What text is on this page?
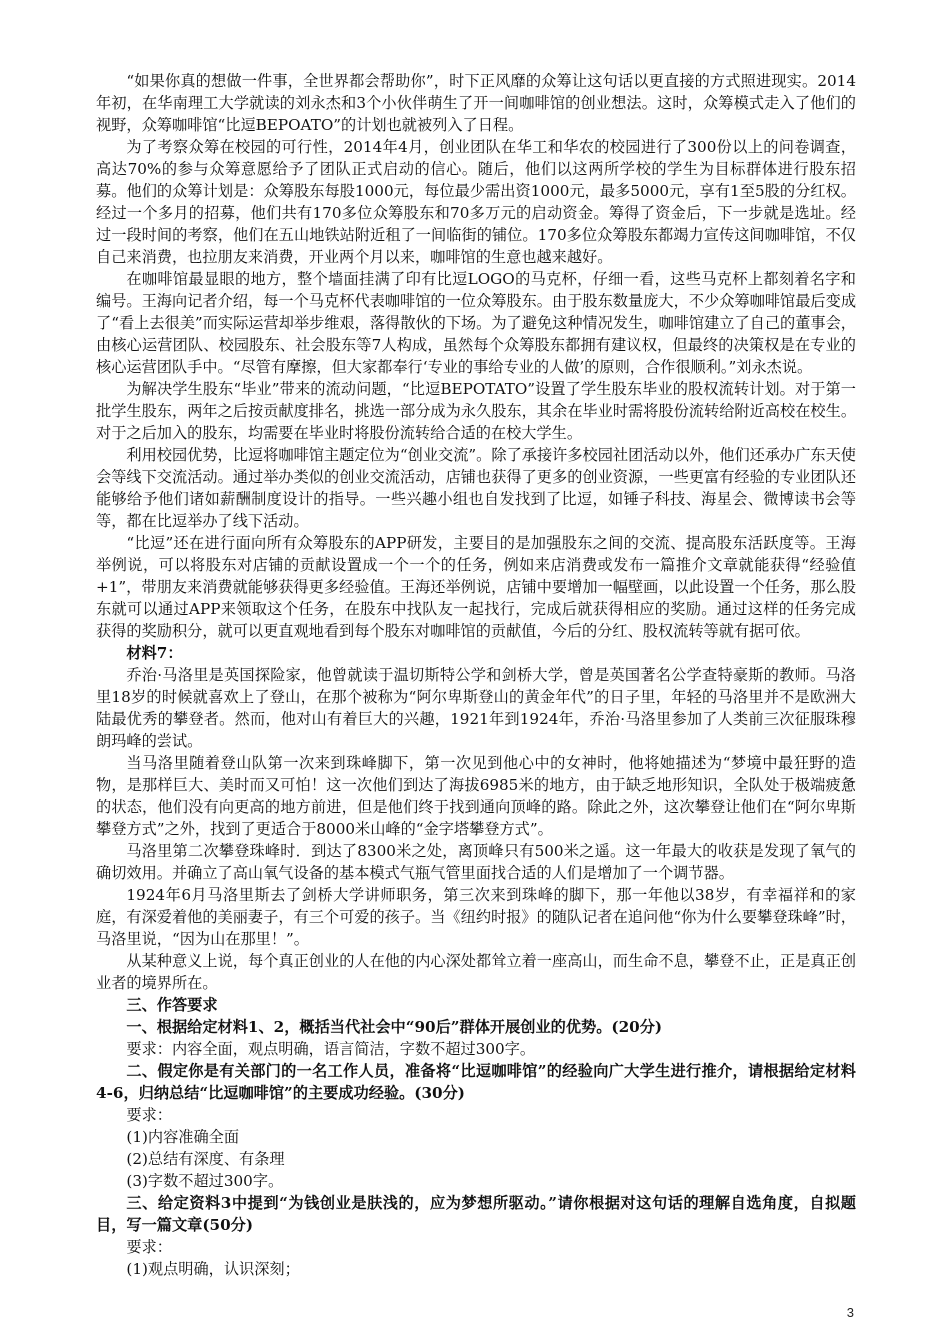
“如果你真的想做一件事，全世界都会帮助你”，时下正风靡的众筹让这句话以更直接的方式照进现实。2014年初，在华南理工大学就读的刘永杰和3个小伙伴萌生了开一间咖啡馆的创业想法。这时，众筹模式走入了他们的视野，众筹咖啡馆“比逗BEPOATO”的计划也就被列入了日程。

为了考察众筹在校园的可行性，2014年4月，创业团队在华工和华农的校园进行了300份以上的问卷调查，高达70%的参与众筹意愿给予了团队正式启动的信心。随后，他们以这两所学校的学生为目标群体进行股东招募。他们的众筹计划是：众筹股东每股1000元，每位最少需出资1000元，最多5000元，享有1至5股的分红权。经过一个多月的招募，他们共有170多位众筹股东和70多万元的启动资金。筹得了资金后，下一步就是选址。经过一段时间的考察，他们在五山地铁站附近租了一间临街的铺位。170多位众筹股东都竭力宣传这间咖啡馆，不仅自己来消费，也拉朋友来消费，开业两个月以来，咖啡馆的生意也越来越好。

在咖啡馆最显眼的地方，整个墙面挂满了印有比逗LOGO的马克杯，仔细一看，这些马克杯上都刻着名字和编号。王海向记者介绍，每一个马克杯代表咖啡馆的一位众筹股东。由于股东数量庞大，不少众筹咖啡馆最后变成了“看上去很美”而实际运营却举步维艰，落得散伙的下场。为了避免这种情况发生，咖啡馆建立了自己的董事会，由核心运营团队、校园股东、社会股东等7人构成，虽然每个众筹股东都拥有建议权，但最终的决策权是在专业的核心运营团队手中。“尽管有摩擦，但大家都奉行‘专业的事给专业的人做’的原则，合作很顺利。”刘永杰说。

为解决学生股东“毕业”带来的流动问题，“比逗BEPOTATO”设置了学生股东毕业的股权流转计划。对于第一批学生股东，两年之后按贡献度排名，挑选一部分成为永久股东，其余在毕业时需将股份流转给附近高校在校生。对于之后加入的股东，均需要在毕业时将股份流转给合适的在校大学生。

利用校园优势，比逗将咖啡馆主题定位为“创业交流”。除了承接许多校园社团活动以外，他们还承办广东天使会等线下交流活动。通过举办类似的创业交流活动，店铺也获得了更多的创业资源，一些更富有经验的专业团队还能够给予他们诸如薪酬制度设计的指导。一些兴趣小组也自发找到了比逗，如锤子科技、海星会、微博读书会等等，都在比逗举办了线下活动。

“比逗”还在进行面向所有众筹股东的APP研发，主要目的是加强股东之间的交流、提高股东活跃度等。王海举例说，可以将股东对店铺的贡献设置成一个一个的任务，例如来店消费或发布一篇推介文章就能获得“经验值+1”，带朋友来消费就能够获得更多经验值。王海还举例说，店铺中要增加一幅壁画，以此设置一个任务，那么股东就可以通过APP来领取这个任务，在股东中找队友一起找行，完成后就获得相应的奖励。通过这样的任务完成获得的奖励积分，就可以更直观地看到每个股东对咖啡馆的贡献值，今后的分红、股权流转等就有据可依。

材料7：

乔治·马洛里是英国探险家，他曾就读于温切斯特公学和剑桥大学，曾是英国著名公学查特豪斯的教师。马洛里18岁的时候就喜欢上了登山，在那个被称为“阿尔卑斯登山的黄金年代”的日子里，年轻的马洛里并不是欧洲大陆最优秀的攀登者。然而，他对山有着巨大的兴趣，1921年到1924年，乔治·马洛里参加了人类前三次征服珠穆朗玛峰的尝试。

当马洛里随着登山队第一次来到珠峰脚下，第一次见到他心中的女神时，他将她描述为“梦境中最狂野的造物，是那样巨大、美时而又可怕！这一次他们到达了海拔6985米的地方，由于缺乏地形知识，全队处于极端疲惫的状态，他们没有向更高的地方前进，但是他们终于找到通向顶峰的路。除此之外，这次攀登让他们在“阿尔卑斯攀登方式”之外，找到了更适合于8000米山峰的“金字塔攀登方式”。

马洛里第二次攀登珠峰时．到达了8300米之处，离顶峰只有500米之遥。这一年最大的收获是发现了氧气的确切效用。并确立了高山氧气设备的基本模式气瓶气管里面找合适的人们是增加了一个调节器。

1924年6月马洛里斯去了剑桥大学讲师职务，第三次来到珠峰的脚下，那一年他以38岁，有幸福祥和的家庭，有深爱着他的美丽妻子，有三个可爱的孩子。当《纽约时报》的随队记者在追问他“你为什么要攀登珠峰”时，马洛里说，“因为山在那里！”。

从某种意义上说，每个真正创业的人在他的内心深处都耸立着一座高山，而生命不息，攀登不止，正是真正创业者的境界所在。

三、作答要求

一、根据给定材料1、2，概括当代社会中“90后”群体开展创业的优势。(20分)

要求：内容全面，观点明确，语言简洁，字数不超过300字。

二、假定你是有关部门的一名工作人员，准备将“比逗咖啡馆”的经验向广大学生进行推介，请根据给定材料4-6，归纳总结“比逗咖啡馆”的主要成功经验。(30分)

要求：

(1)内容准确全面

(2)总结有深度、有条理

(3)字数不超过300字。

三、给定资料3中提到“为钱创业是肤浅的，应为梦想所驱动。”请你根据对这句话的理解自选角度，自拟题目，写一篇文章(50分)

要求：

(1)观点明确，认识深刻；

3
